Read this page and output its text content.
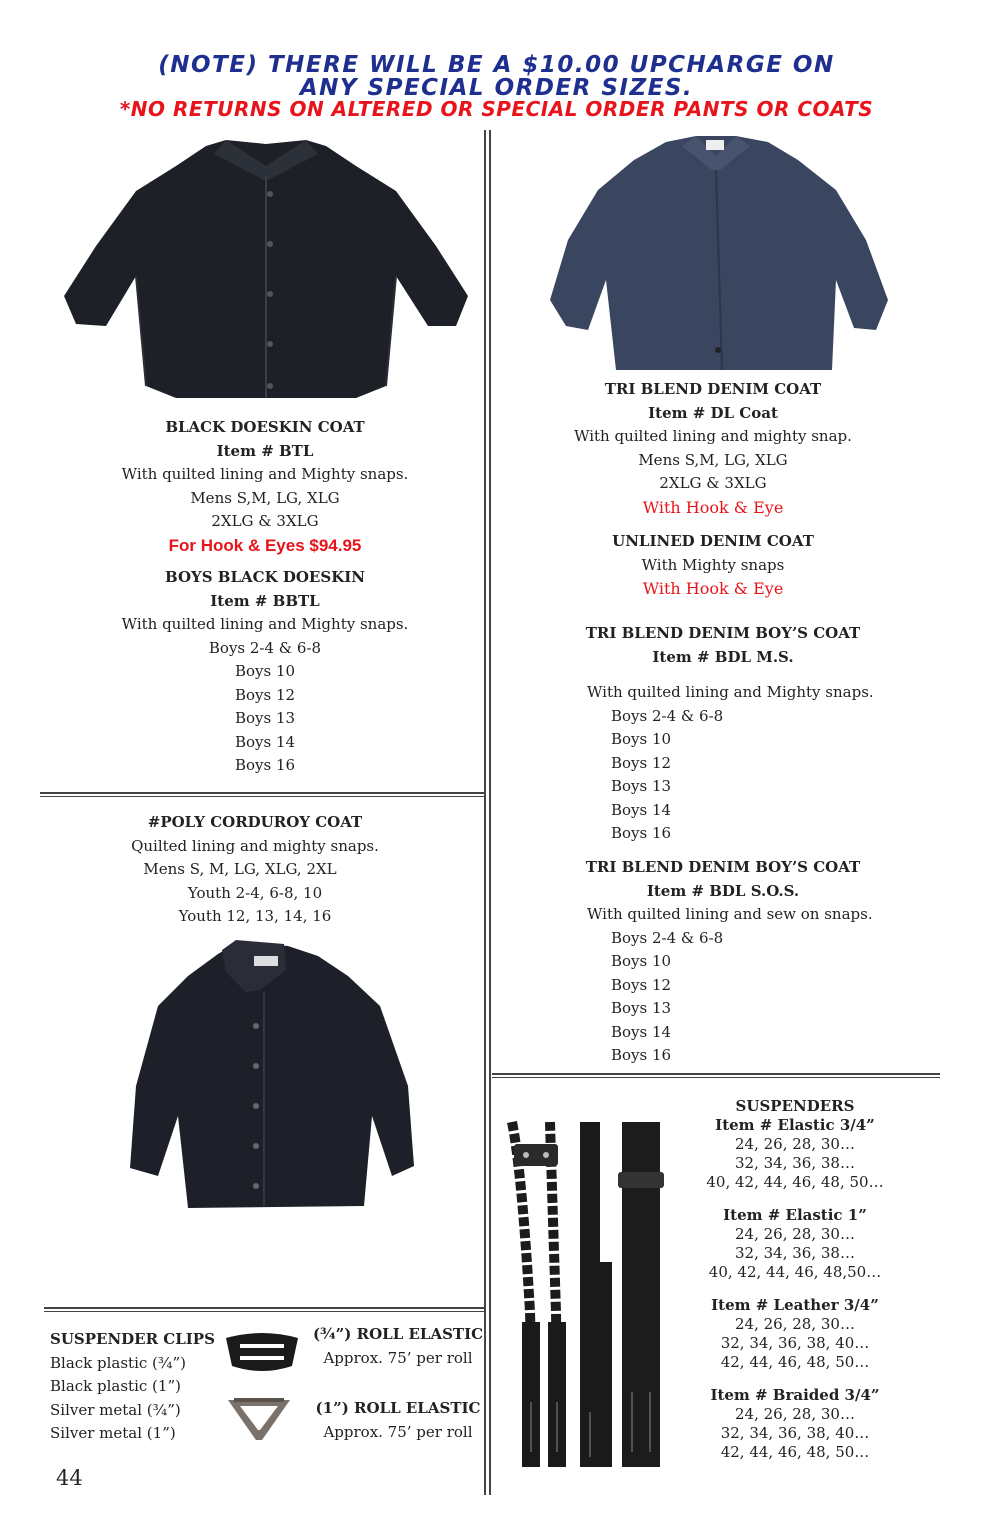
(NOTE) THERE WILL BE A $10.00 UPCHARGE ON
ANY SPECIAL ORDER SIZES.
*NO RETURNS ON ALTERED OR SPECIAL ORDER PANTS OR COATS
BLACK DOESKIN COAT
Item # BTL
With quilted lining and Mighty snaps.
Mens S,M, LG, XLG
2XLG & 3XLG
For Hook & Eyes $94.95
BOYS BLACK DOESKIN
Item # BBTL
With quilted lining and Mighty snaps.
Boys 2-4 & 6-8
Boys 10
Boys 12
Boys 13
Boys 14
Boys 16
#POLY CORDUROY COAT
Quilted lining and mighty snaps.
Mens S, M, LG, XLG, 2XL
Youth 2-4, 6-8, 10
Youth 12, 13, 14, 16
TRI BLEND DENIM COAT
Item # DL Coat
With quilted lining and mighty snap.
Mens S,M, LG, XLG
2XLG & 3XLG
With Hook & Eye
UNLINED DENIM COAT
With Mighty snaps
With Hook & Eye
TRI BLEND DENIM BOY’S COAT
Item # BDL M.S.
With quilted lining and Mighty snaps.
Boys 2-4 & 6-8
Boys 10
Boys 12
Boys 13
Boys 14
Boys 16
TRI BLEND DENIM BOY’S COAT
Item # BDL S.O.S.
With quilted lining and sew on snaps.
Boys 2-4 & 6-8
Boys 10
Boys 12
Boys 13
Boys 14
Boys 16
SUSPENDERS
Item # Elastic 3/4”
24, 26, 28, 30…
32, 34, 36, 38…
40, 42, 44, 46, 48, 50…
Item # Elastic 1”
24, 26, 28, 30…
32, 34, 36, 38…
40, 42, 44, 46, 48,50…
Item # Leather 3/4”
24, 26, 28, 30…
32, 34, 36, 38, 40…
42, 44, 46, 48, 50…
Item # Braided 3/4”
24, 26, 28, 30…
32, 34, 36, 38, 40…
42, 44, 46, 48, 50…
SUSPENDER CLIPS
Black plastic (¾”)
Black plastic (1”)
Silver metal (¾”)
Silver metal (1”)
(¾”) ROLL ELASTIC
Approx. 75’ per roll
(1”) ROLL ELASTIC
Approx. 75’ per roll
44
